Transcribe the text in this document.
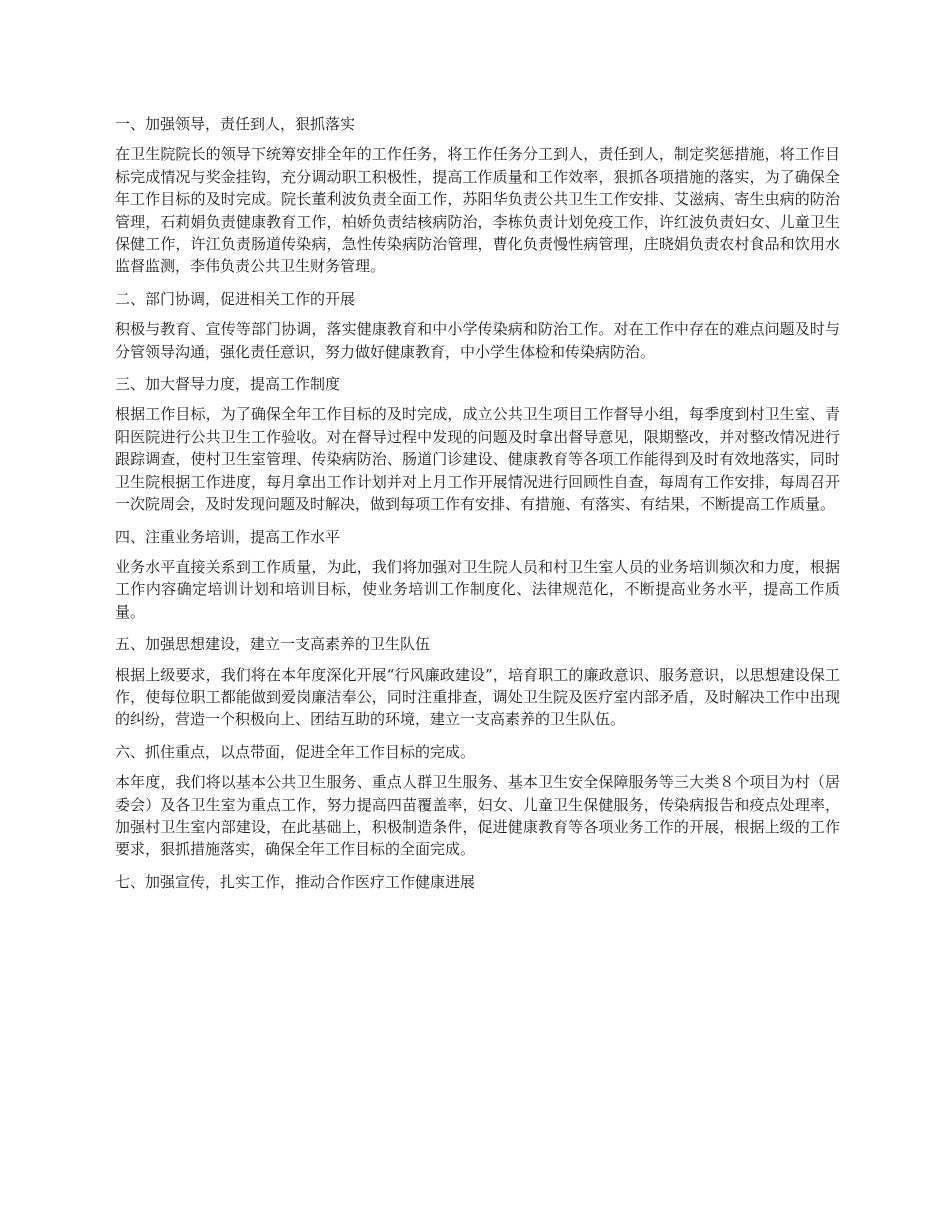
一、加强领导，责任到人，狠抓落实
在卫生院院长的领导下统筹安排全年的工作任务，将工作任务分工到人，责任到人，制定奖惩措施，将工作目标完成情况与奖金挂钩，充分调动职工积极性，提高工作质量和工作效率，狠抓各项措施的落实，为了确保全年工作目标的及时完成。院长董利波负责全面工作，苏阳华负责公共卫生工作安排、艾滋病、寄生虫病的防治管理，石莉娟负责健康教育工作，柏娇负责结核病防治，李栋负责计划免疫工作，许红波负责妇女、儿童卫生保健工作，许江负责肠道传染病，急性传染病防治管理，曹化负责慢性病管理，庄晓娟负责农村食品和饮用水监督监测，李伟负责公共卫生财务管理。
二、部门协调，促进相关工作的开展
积极与教育、宣传等部门协调，落实健康教育和中小学传染病和防治工作。对在工作中存在的难点问题及时与分管领导沟通，强化责任意识，努力做好健康教育，中小学生体检和传染病防治。
三、加大督导力度，提高工作制度
根据工作目标，为了确保全年工作目标的及时完成，成立公共卫生项目工作督导小组，每季度到村卫生室、青阳医院进行公共卫生工作验收。对在督导过程中发现的问题及时拿出督导意见，限期整改，并对整改情况进行跟踪调查，使村卫生室管理、传染病防治、肠道门诊建设、健康教育等各项工作能得到及时有效地落实，同时卫生院根据工作进度，每月拿出工作计划并对上月工作开展情况进行回顾性自查，每周有工作安排，每周召开一次院周会，及时发现问题及时解决，做到每项工作有安排、有措施、有落实、有结果，不断提高工作质量。
四、注重业务培训，提高工作水平
业务水平直接关系到工作质量，为此，我们将加强对卫生院人员和村卫生室人员的业务培训频次和力度，根据工作内容确定培训计划和培训目标，使业务培训工作制度化、法律规范化，不断提高业务水平，提高工作质量。
五、加强思想建设，建立一支高素养的卫生队伍
根据上级要求，我们将在本年度深化开展“行风廉政建设”，培育职工的廉政意识、服务意识，以思想建设保工作，使每位职工都能做到爱岗廉洁奉公，同时注重排查，调处卫生院及医疗室内部矛盾，及时解决工作中出现的纠纷，营造一个积极向上、团结互助的环境，建立一支高素养的卫生队伍。
六、抓住重点，以点带面，促进全年工作目标的完成。
本年度，我们将以基本公共卫生服务、重点人群卫生服务、基本卫生安全保障服务等三大类８个项目为村（居委会）及各卫生室为重点工作，努力提高四苗覆盖率，妇女、儿童卫生保健服务，传染病报告和疫点处理率，加强村卫生室内部建设，在此基础上，积极制造条件，促进健康教育等各项业务工作的开展，根据上级的工作要求，狠抓措施落实，确保全年工作目标的全面完成。
七、加强宣传，扎实工作，推动合作医疗工作健康进展
